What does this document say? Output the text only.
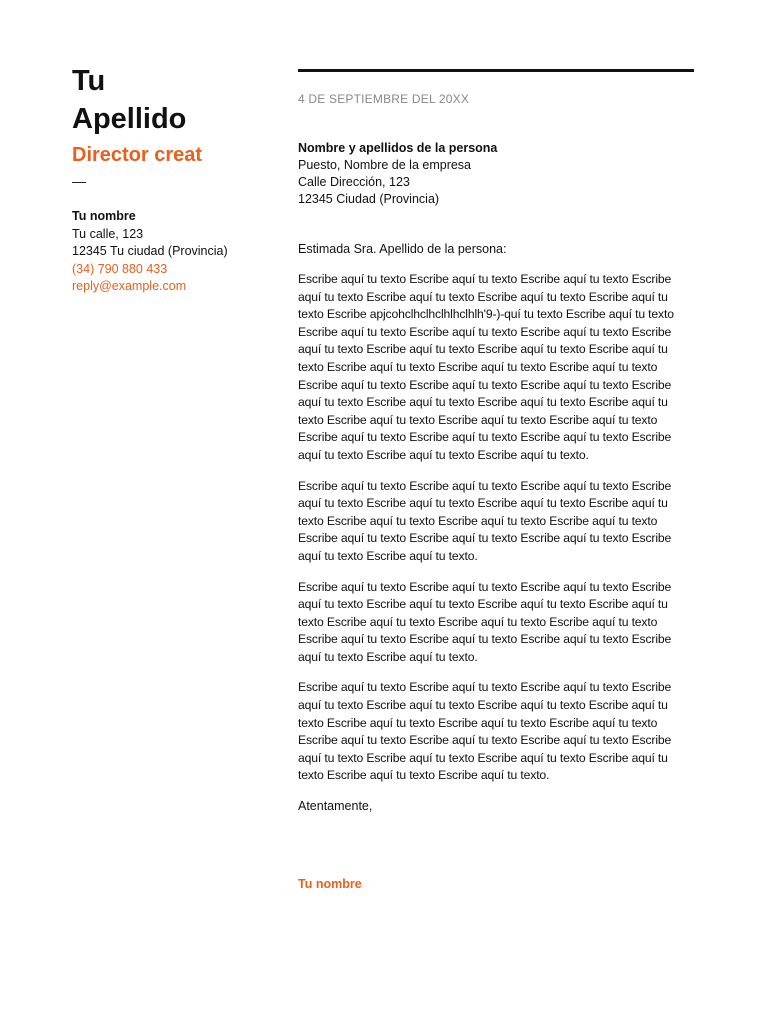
Tu
Apellido
Director creat
—
Tu nombre
Tu calle, 123
12345 Tu ciudad (Provincia)
(34) 790 880 433
reply@example.com
4 DE SEPTIEMBRE DEL 20XX
Nombre y apellidos de la persona
Puesto, Nombre de la empresa
Calle Dirección, 123
12345 Ciudad (Provincia)
Estimada Sra. Apellido de la persona:
Escribe aquí tu texto Escribe aquí tu texto Escribe aquí tu texto Escribe aquí tu texto Escribe aquí tu texto Escribe aquí tu texto Escribe aquí tu texto Escribe apjcohclhclhclhlhclhlh'9-)-quí tu texto Escribe aquí tu texto Escribe aquí tu texto Escribe aquí tu texto Escribe aquí tu texto Escribe aquí tu texto Escribe aquí tu texto Escribe aquí tu texto Escribe aquí tu texto Escribe aquí tu texto Escribe aquí tu texto Escribe aquí tu texto Escribe aquí tu texto Escribe aquí tu texto Escribe aquí tu texto Escribe aquí tu texto Escribe aquí tu texto Escribe aquí tu texto Escribe aquí tu texto Escribe aquí tu texto Escribe aquí tu texto Escribe aquí tu texto Escribe aquí tu texto Escribe aquí tu texto Escribe aquí tu texto Escribe aquí tu texto Escribe aquí tu texto Escribe aquí tu texto.
Escribe aquí tu texto Escribe aquí tu texto Escribe aquí tu texto Escribe aquí tu texto Escribe aquí tu texto Escribe aquí tu texto Escribe aquí tu texto Escribe aquí tu texto Escribe aquí tu texto Escribe aquí tu texto Escribe aquí tu texto Escribe aquí tu texto Escribe aquí tu texto Escribe aquí tu texto Escribe aquí tu texto.
Escribe aquí tu texto Escribe aquí tu texto Escribe aquí tu texto Escribe aquí tu texto Escribe aquí tu texto Escribe aquí tu texto Escribe aquí tu texto Escribe aquí tu texto Escribe aquí tu texto Escribe aquí tu texto Escribe aquí tu texto Escribe aquí tu texto Escribe aquí tu texto Escribe aquí tu texto Escribe aquí tu texto.
Escribe aquí tu texto Escribe aquí tu texto Escribe aquí tu texto Escribe aquí tu texto Escribe aquí tu texto Escribe aquí tu texto Escribe aquí tu texto Escribe aquí tu texto Escribe aquí tu texto Escribe aquí tu texto Escribe aquí tu texto Escribe aquí tu texto Escribe aquí tu texto Escribe aquí tu texto Escribe aquí tu texto Escribe aquí tu texto Escribe aquí tu texto Escribe aquí tu texto Escribe aquí tu texto.
Atentamente,
Tu nombre
